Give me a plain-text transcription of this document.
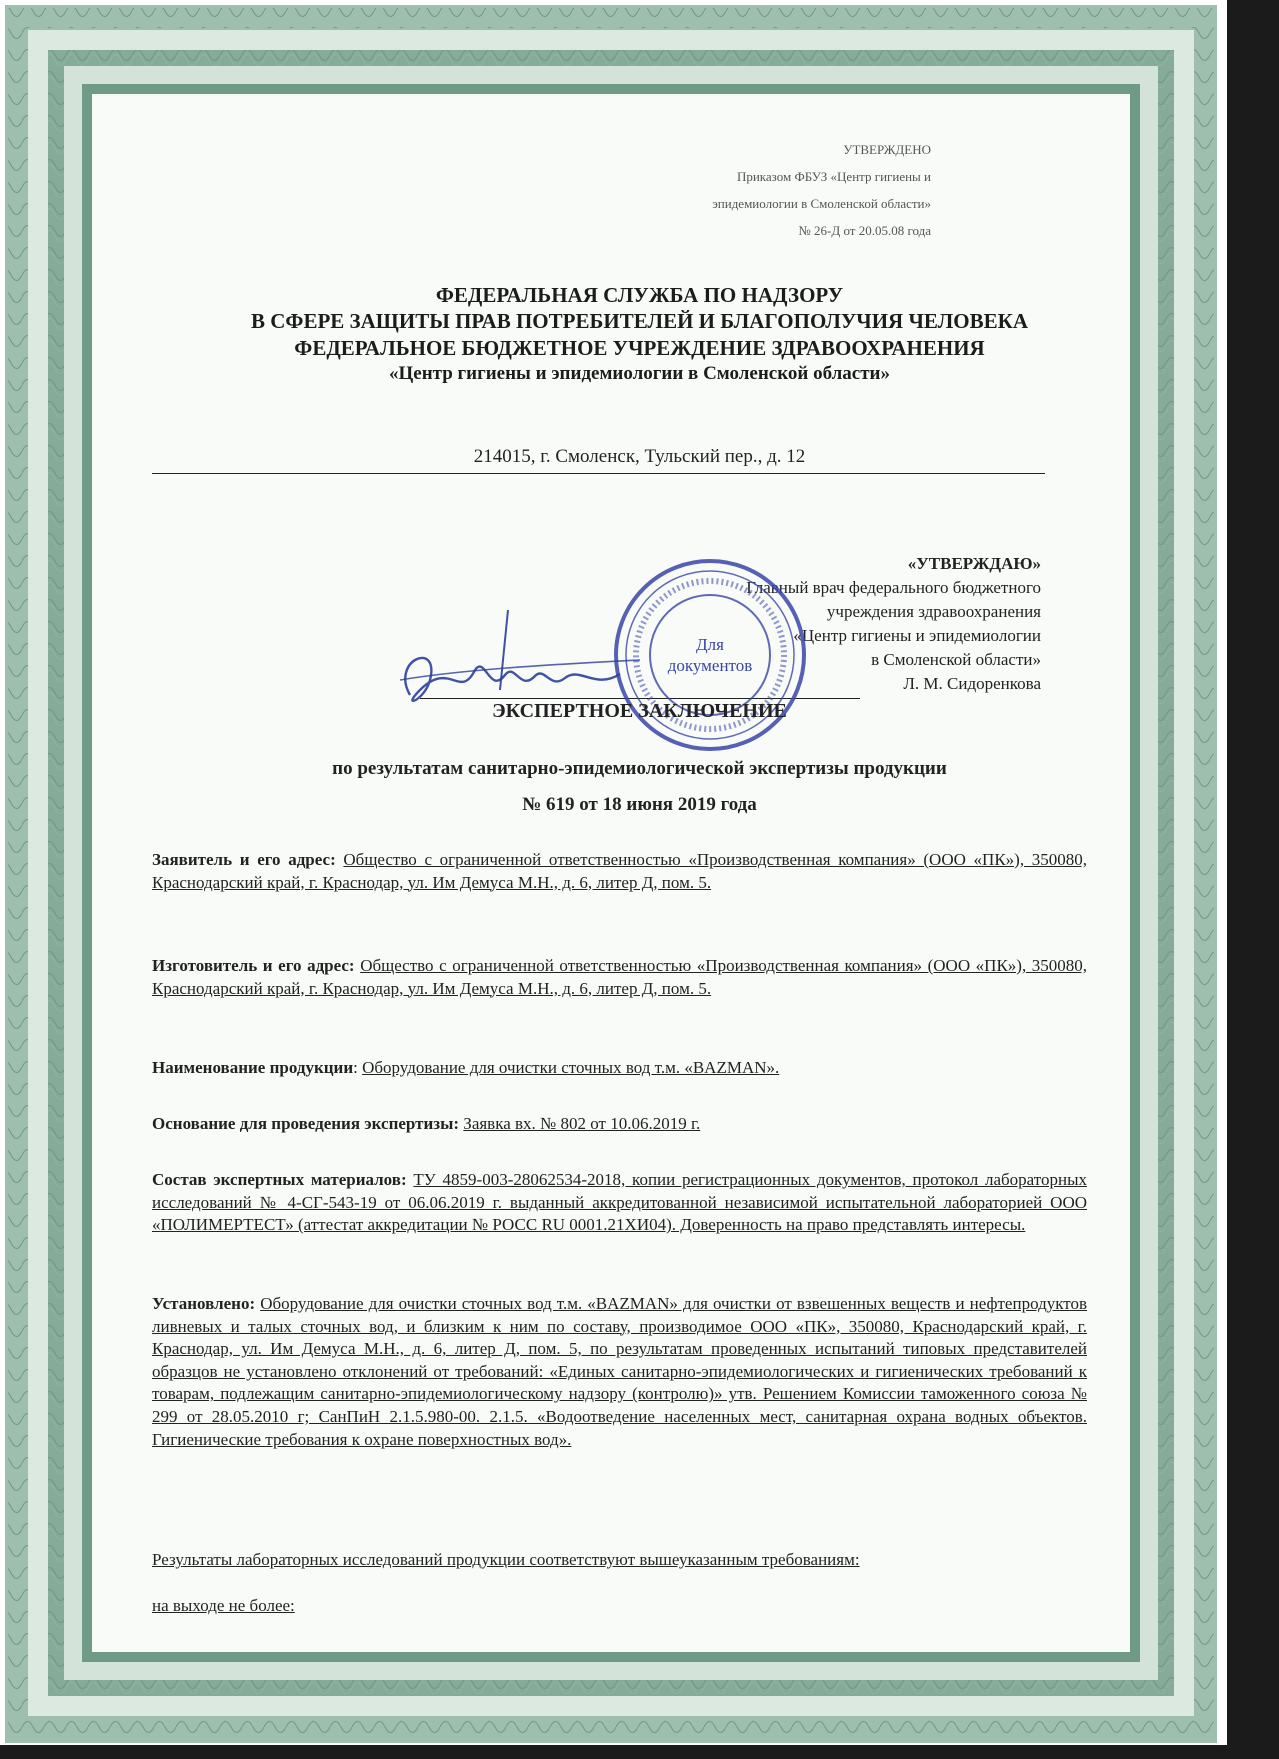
УТВЕРЖДЕНО
Приказом ФБУЗ «Центр гигиены и
эпидемиологии в Смоленской области»
№ 26-Д от 20.05.08 года
ФЕДЕРАЛЬНАЯ СЛУЖБА ПО НАДЗОРУ
В СФЕРЕ ЗАЩИТЫ ПРАВ ПОТРЕБИТЕЛЕЙ И БЛАГОПОЛУЧИЯ ЧЕЛОВЕКА
ФЕДЕРАЛЬНОЕ БЮДЖЕТНОЕ УЧРЕЖДЕНИЕ ЗДРАВООХРАНЕНИЯ
«Центр гигиены и эпидемиологии в Смоленской области»
214015, г. Смоленск, Тульский пер., д. 12
«УТВЕРЖДАЮ»
Главный врач федерального бюджетного
учреждения здравоохранения
«Центр гигиены и эпидемиологии
в Смоленской области»
Л. М. Сидоренкова
Для
документов
ЭКСПЕРТНОЕ ЗАКЛЮЧЕНИЕ
по результатам санитарно-эпидемиологической экспертизы продукции
№ 619 от 18 июня 2019 года
Заявитель и его адрес: Общество с ограниченной ответственностью «Производственная компания» (ООО «ПК»), 350080, Краснодарский край, г. Краснодар, ул. Им Демуса М.Н., д. 6, литер Д, пом. 5.
Изготовитель и его адрес: Общество с ограниченной ответственностью «Производственная компания» (ООО «ПК»), 350080, Краснодарский край, г. Краснодар, ул. Им Демуса М.Н., д. 6, литер Д, пом. 5.
Наименование продукции: Оборудование для очистки сточных вод т.м. «BAZMAN».
Основание для проведения экспертизы: Заявка вх. № 802 от 10.06.2019 г.
Состав экспертных материалов: ТУ 4859-003-28062534-2018, копии регистрационных документов, протокол лабораторных исследований № 4-СГ-543-19 от 06.06.2019 г. выданный аккредитованной независимой испытательной лабораторией ООО «ПОЛИМЕРТЕСТ» (аттестат аккредитации № РОСС RU 0001.21ХИ04). Доверенность на право представлять интересы.
Установлено: Оборудование для очистки сточных вод т.м. «BAZMAN» для очистки от взвешенных веществ и нефтепродуктов ливневых и талых сточных вод, и близким к ним по составу, производимое ООО «ПК», 350080, Краснодарский край, г. Краснодар, ул. Им Демуса М.Н., д. 6, литер Д, пом. 5, по результатам проведенных испытаний типовых представителей образцов не установлено отклонений от требований: «Единых санитарно-эпидемиологических и гигиенических требований к товарам, подлежащим санитарно-эпидемиологическому надзору (контролю)» утв. Решением Комиссии таможенного союза № 299 от 28.05.2010 г; СанПиН 2.1.5.980-00. 2.1.5. «Водоотведение населенных мест, санитарная охрана водных объектов. Гигиенические требования к охране поверхностных вод».
Результаты лабораторных исследований продукции соответствуют вышеуказанным требованиям:
на выходе не более:
